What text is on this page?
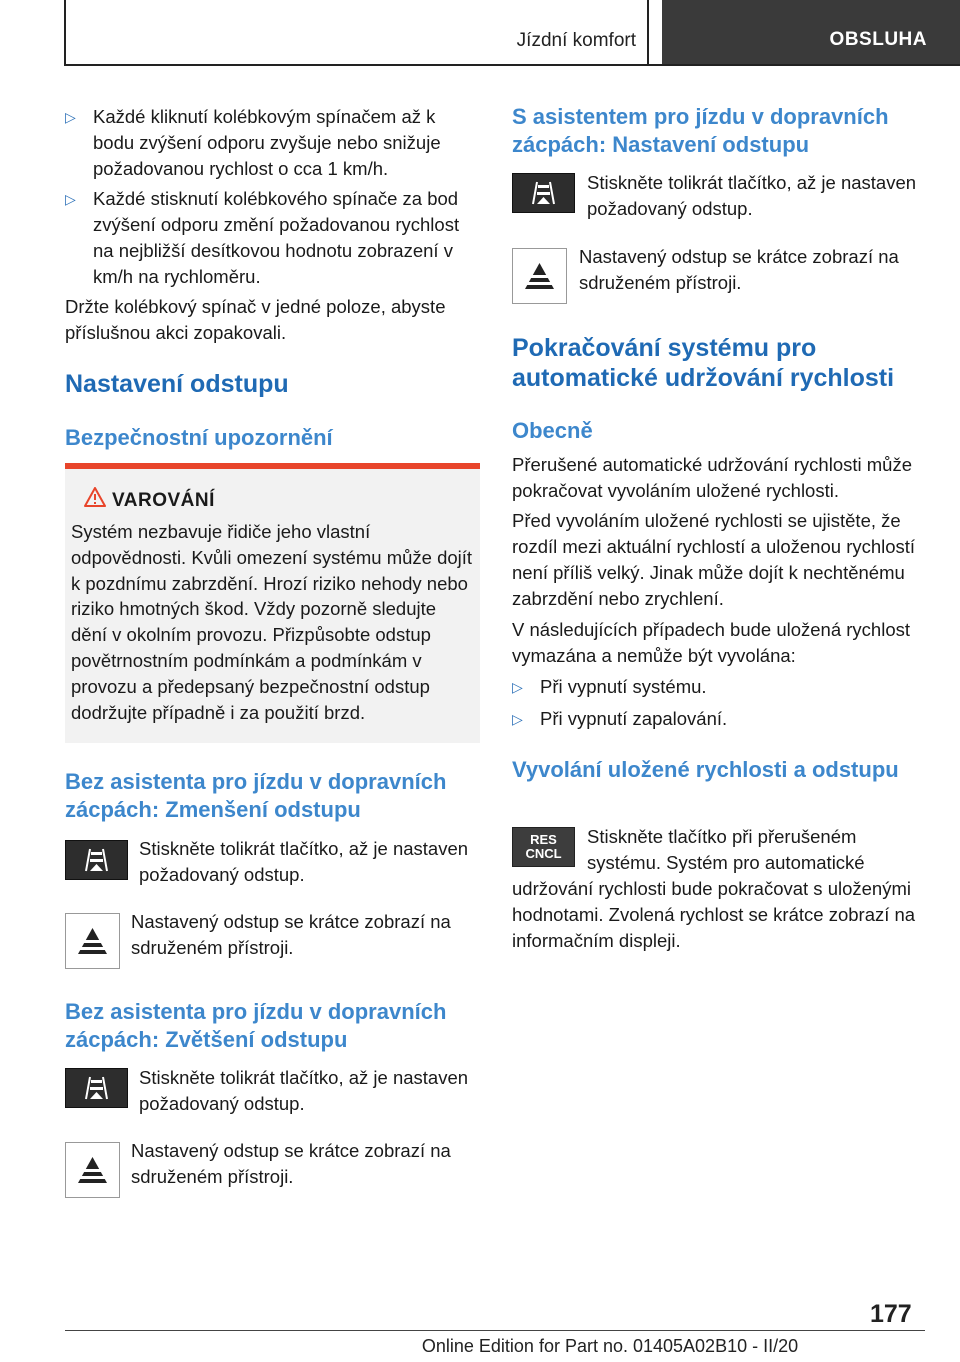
Jízdní komfort	OBSLUHA
▷ Každé kliknutí kolébkovým spínačem až k bodu zvýšení odporu zvyšuje nebo snižuje požadovanou rychlost o cca 1 km/h.

▷ Každé stisknutí kolébkového spínače za bod zvýšení odporu změní požadovanou rychlost na nejbližší desítkovou hodnotu zobrazení v km/h na rychloměru.

Držte kolébkový spínač v jedné poloze, abyste příslušnou akci zopakovali.

Nastavení odstupu
Bezpečnostní upozornění
VAROVÁNÍ
Systém nezbavuje řidiče jeho vlastní odpovědnosti. Kvůli omezení systému může dojít k pozdnímu zabrzdění. Hrozí riziko nehody nebo riziko hmotných škod. Vždy pozorně sledujte dění v okolním provozu. Přizpůsobte odstup povětrnostním podmínkám a podmínkám v provozu a předepsaný bezpečnostní odstup dodržujte případně i za použití brzd.
Bez asistenta pro jízdu v dopravních zácpách: Zmenšení odstupu

Stiskněte tolikrát tlačítko, až je nastaven požadovaný odstup.

Nastavený odstup se krátce zobrazí na sdruženém přístroji.

Bez asistenta pro jízdu v dopravních zácpách: Zvětšení odstupu

Stiskněte tolikrát tlačítko, až je nastaven požadovaný odstup.

Nastavený odstup se krátce zobrazí na sdruženém přístroji.

S asistentem pro jízdu v dopravních zácpách: Nastavení odstupu

Stiskněte tolikrát tlačítko, až je nastaven požadovaný odstup.

Nastavený odstup se krátce zobrazí na sdruženém přístroji.

Pokračování systému pro automatické udržování rychlosti
Obecně

Přerušené automatické udržování rychlosti může pokračovat vyvoláním uložené rychlosti.

Před vyvoláním uložené rychlosti se ujistěte, že rozdíl mezi aktuální rychlostí a uloženou rychlostí není příliš velký. Jinak může dojít k nechtěnému zabrzdění nebo zrychlení.

V následujících případech bude uložená rychlost vymazána a nemůže být vyvolána:

▷ Při vypnutí systému.

▷ Při vypnutí zapalování.

Vyvolání uložené rychlosti a odstupu
RES
CNCL

Stiskněte tlačítko při přerušeném systému. Systém pro automatické udržování rychlosti bude pokračovat s uloženými hodnotami. Zvolená rychlost se krátce zobrazí na informačním displeji.

177
Online Edition for Part no. 01405A02B10 - II/20
